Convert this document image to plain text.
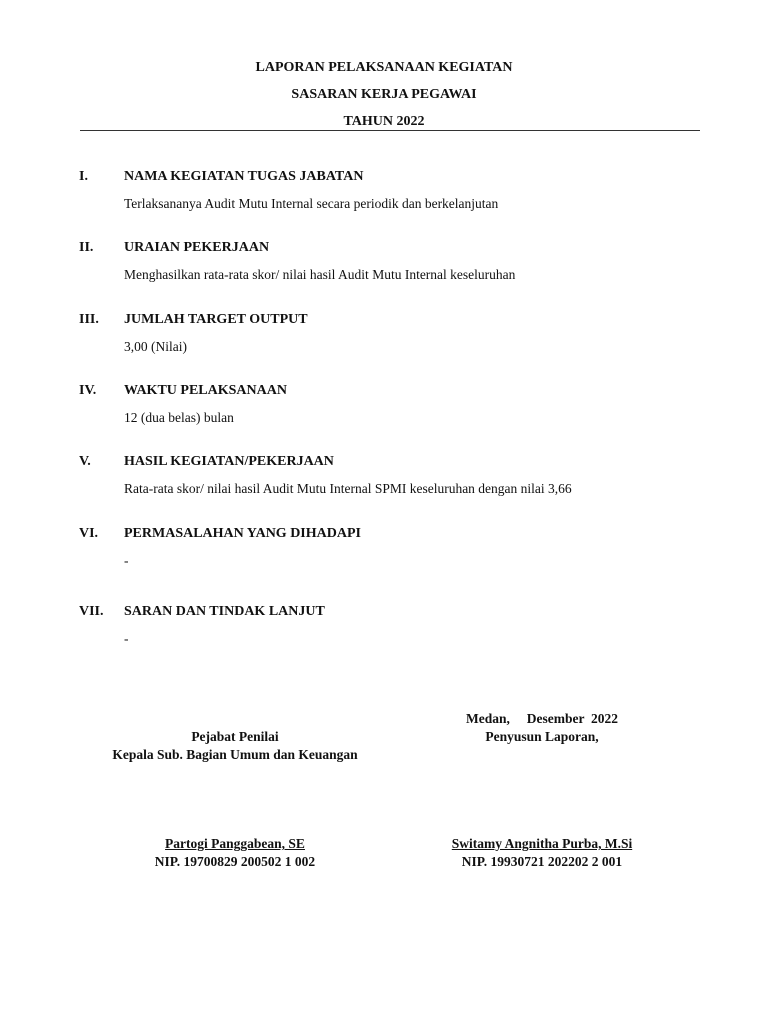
LAPORAN PELAKSANAAN KEGIATAN
SASARAN KERJA PEGAWAI
TAHUN 2022
I.	NAMA KEGIATAN TUGAS JABATAN
Terlaksananya Audit Mutu Internal secara periodik dan berkelanjutan
II. URAIAN PEKERJAAN
Menghasilkan rata-rata skor/ nilai hasil Audit Mutu Internal keseluruhan
III. JUMLAH TARGET OUTPUT
3,00 (Nilai)
IV. WAKTU PELAKSANAAN
12 (dua belas) bulan
V. HASIL KEGIATAN/PEKERJAAN
Rata-rata skor/ nilai hasil Audit Mutu Internal SPMI keseluruhan dengan nilai 3,66
VI. PERMASALAHAN YANG DIHADAPI
-
VII. SARAN DAN TINDAK LANJUT
-
Medan,     Desember  2022
Pejabat Penilai
Kepala Sub. Bagian Umum dan Keuangan
Penyusun Laporan,
Partogi Panggabean, SE
NIP. 19700829 200502 1 002
Switamy Angnitha Purba, M.Si
NIP. 19930721 202202 2 001
